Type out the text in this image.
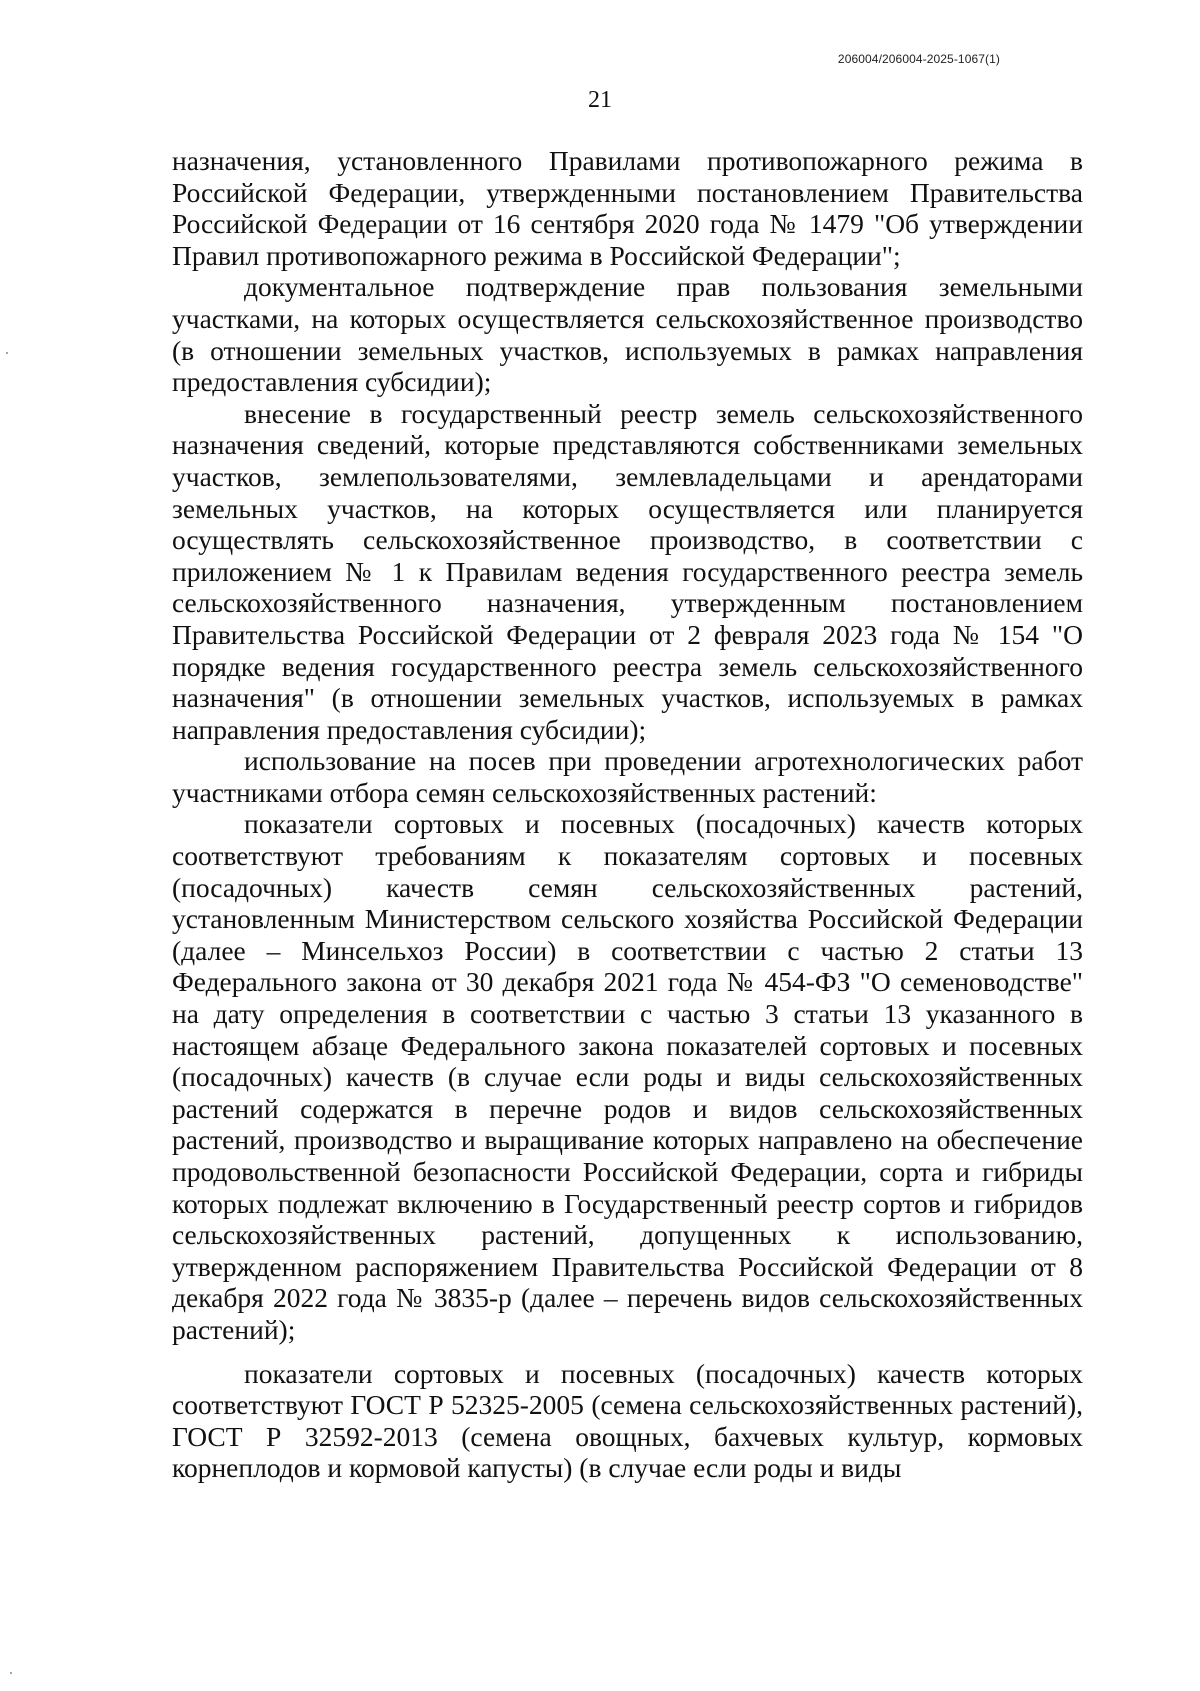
206004/206004-2025-1067(1)
21

назначения, установленного Правилами противопожарного режима в Российской Федерации, утвержденными постановлением Правительства Российской Федерации от 16 сентября 2020 года № 1479 "Об утверждении Правил противопожарного режима в Российской Федерации";

документальное подтверждение прав пользования земельными участками, на которых осуществляется сельскохозяйственное производство (в отношении земельных участков, используемых в рамках направления предоставления субсидии);

внесение в государственный реестр земель сельскохозяйственного назначения сведений, которые представляются собственниками земельных участков, землепользователями, землевладельцами и арендаторами земельных участков, на которых осуществляется или планируется осуществлять сельскохозяйственное производство, в соответствии с приложением № 1 к Правилам ведения государственного реестра земель сельскохозяйственного назначения, утвержденным постановлением Правительства Российской Федерации от 2 февраля 2023 года № 154 "О порядке ведения государственного реестра земель сельскохозяйственного назначения" (в отношении земельных участков, используемых в рамках направления предоставления субсидии);

использование на посев при проведении агротехнологических работ участниками отбора семян сельскохозяйственных растений:

показатели сортовых и посевных (посадочных) качеств которых соответствуют требованиям к показателям сортовых и посевных (посадочных) качеств семян сельскохозяйственных растений, установленным Министерством сельского хозяйства Российской Федерации (далее – Минсельхоз России) в соответствии с частью 2 статьи 13 Федерального закона от 30 декабря 2021 года № 454-ФЗ "О семеноводстве" на дату определения в соответствии с частью 3 статьи 13 указанного в настоящем абзаце Федерального закона показателей сортовых и посевных (посадочных) качеств (в случае если роды и виды сельскохозяйственных растений содержатся в перечне родов и видов сельскохозяйственных растений, производство и выращивание которых направлено на обеспечение продовольственной безопасности Российской Федерации, сорта и гибриды которых подлежат включению в Государственный реестр сортов и гибридов сельскохозяйственных растений, допущенных к использованию, утвержденном распоряжением Правительства Российской Федерации от 8 декабря 2022 года № 3835-р (далее – перечень видов сельскохозяйственных растений);

показатели сортовых и посевных (посадочных) качеств которых соответствуют ГОСТ Р 52325-2005 (семена сельскохозяйственных растений), ГОСТ Р 32592-2013 (семена овощных, бахчевых культур, кормовых корнеплодов и кормовой капусты) (в случае если роды и виды
